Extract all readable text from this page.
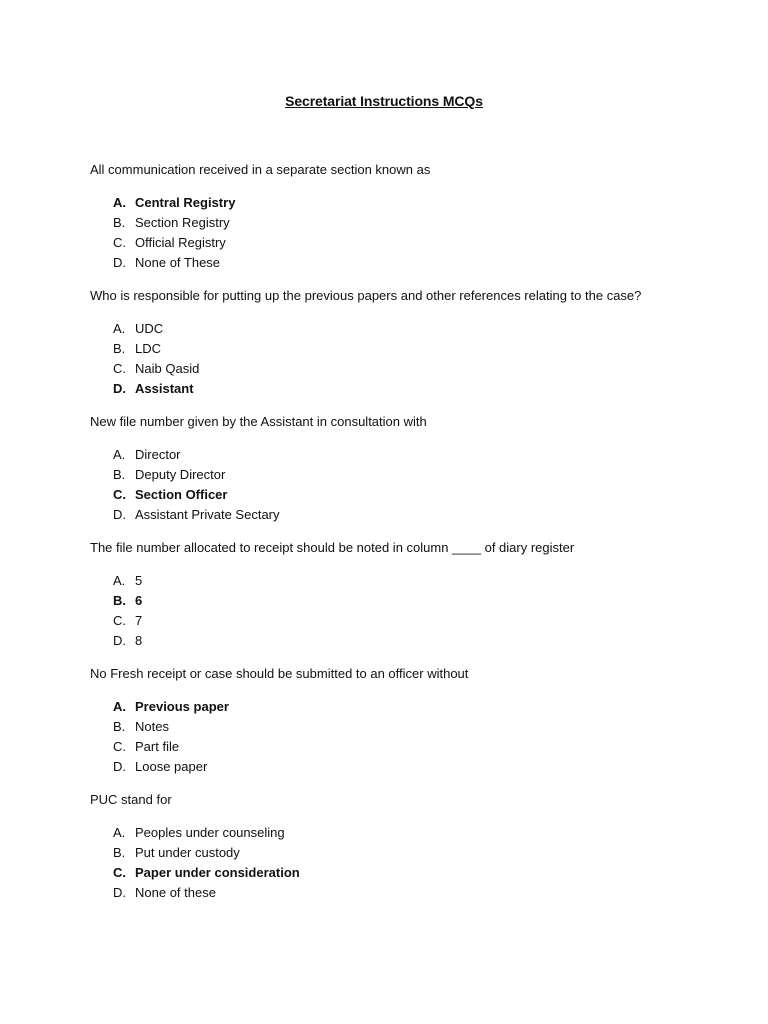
Secretariat Instructions MCQs
All communication received in a separate section known as
A. Central Registry
B. Section Registry
C. Official Registry
D. None of These
Who is responsible for putting up the previous papers and other references relating to the case?
A. UDC
B. LDC
C. Naib Qasid
D. Assistant
New file number given by the Assistant in consultation with
A. Director
B. Deputy Director
C. Section Officer
D. Assistant Private Sectary
The file number allocated to receipt should be noted in column ____ of diary register
A. 5
B. 6
C. 7
D. 8
No Fresh receipt or case should be submitted to an officer without
A. Previous paper
B. Notes
C. Part file
D. Loose paper
PUC stand for
A. Peoples under counseling
B. Put under custody
C. Paper under consideration
D. None of these
